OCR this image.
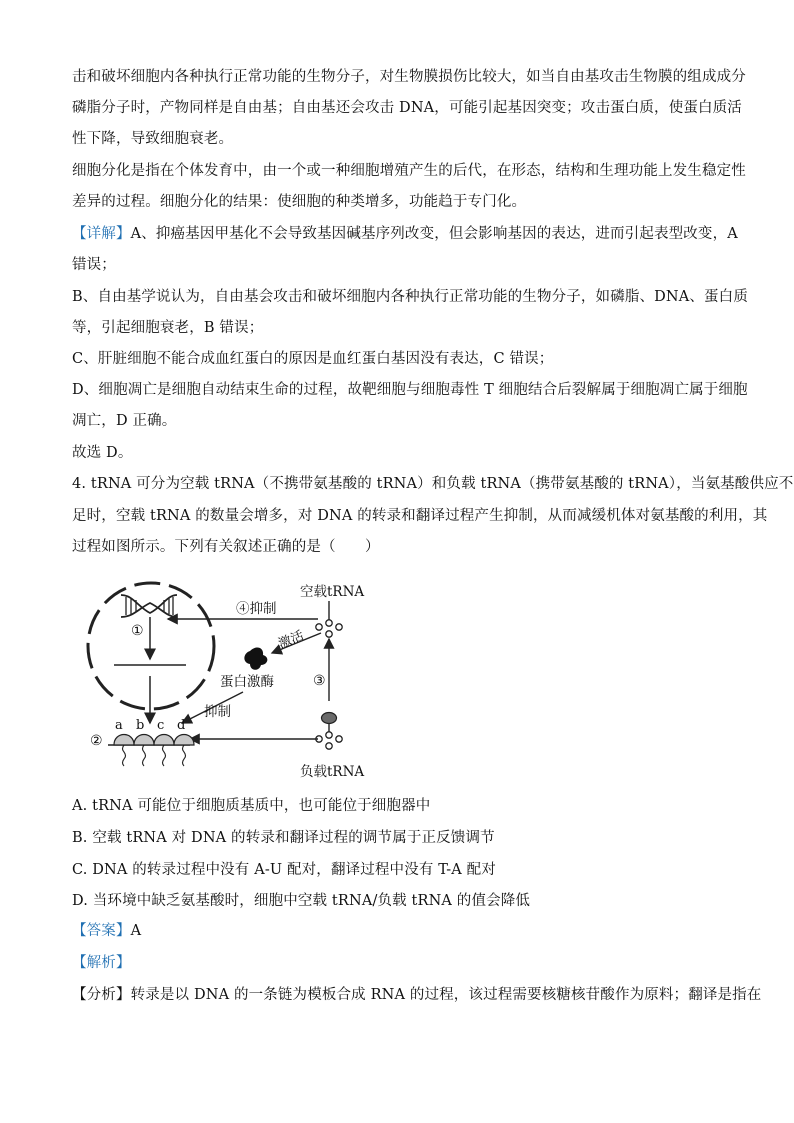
击和破坏细胞内各种执行正常功能的生物分子，对生物膜损伤比较大，如当自由基攻击生物膜的组成成分
磷脂分子时，产物同样是自由基；自由基还会攻击 DNA，可能引起基因突变；攻击蛋白质，使蛋白质活
性下降，导致细胞衰老。
细胞分化是指在个体发育中，由一个或一种细胞增殖产生的后代，在形态，结构和生理功能上发生稳定性
差异的过程。细胞分化的结果：使细胞的种类增多，功能趋于专门化。
【详解】A、抑癌基因甲基化不会导致基因碱基序列改变，但会影响基因的表达，进而引起表型改变，A
错误；
B、自由基学说认为，自由基会攻击和破坏细胞内各种执行正常功能的生物分子，如磷脂、DNA、蛋白质
等，引起细胞衰老，B 错误；
C、肝脏细胞不能合成血红蛋白的原因是血红蛋白基因没有表达，C 错误；
D、细胞凋亡是细胞自动结束生命的过程，故靶细胞与细胞毒性 T 细胞结合后裂解属于细胞凋亡属于细胞
凋亡，D 正确。
故选 D。
4. tRNA 可分为空载 tRNA（不携带氨基酸的 tRNA）和负载 tRNA（携带氨基酸的 tRNA），当氨基酸供应不
足时，空载 tRNA 的数量会增多，对 DNA 的转录和翻译过程产生抑制，从而减缓机体对氨基酸的利用，其
过程如图所示。下列有关叙述正确的是（　　）
①
空载tRNA
④抑制
激活
蛋白激酶	③
抑制
负载tRNA
②
a b c d
A. tRNA 可能位于细胞质基质中，也可能位于细胞器中
B. 空载 tRNA 对 DNA 的转录和翻译过程的调节属于正反馈调节
C. DNA 的转录过程中没有 A-U 配对，翻译过程中没有 T-A 配对
D. 当环境中缺乏氨基酸时，细胞中空载 tRNA/负载 tRNA 的值会降低
【答案】A
【解析】
【分析】转录是以 DNA 的一条链为模板合成 RNA 的过程，该过程需要核糖核苷酸作为原料；翻译是指在
